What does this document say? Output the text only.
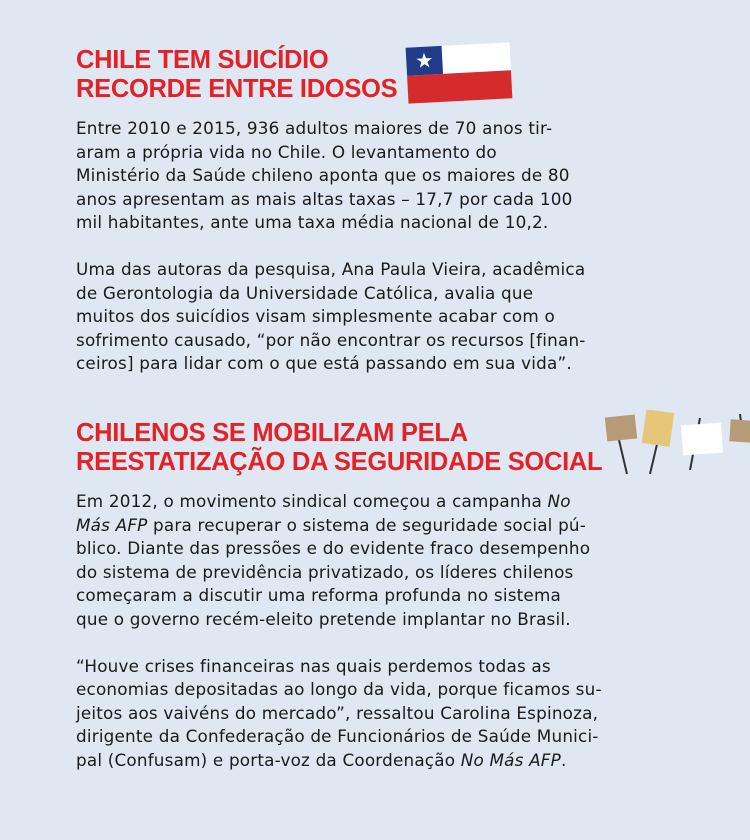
CHILE TEM SUICÍDIO
RECORDE ENTRE IDOSOS

Entre 2010 e 2015, 936 adultos maiores de 70 anos tir-
aram a própria vida no Chile. O levantamento do
Ministério da Saúde chileno aponta que os maiores de 80
anos apresentam as mais altas taxas – 17,7 por cada 100
mil habitantes, ante uma taxa média nacional de 10,2.

Uma das autoras da pesquisa, Ana Paula Vieira, acadêmica
de Gerontologia da Universidade Católica, avalia que
muitos dos suicídios visam simplesmente acabar com o
sofrimento causado, “por não encontrar os recursos [finan-
ceiros] para lidar com o que está passando em sua vida”.

CHILENOS SE MOBILIZAM PELA
REESTATIZAÇÃO DA SEGURIDADE SOCIAL

Em 2012, o movimento sindical começou a campanha No
Más AFP para recuperar o sistema de seguridade social pú-
blico. Diante das pressões e do evidente fraco desempenho
do sistema de previdência privatizado, os líderes chilenos
começaram a discutir uma reforma profunda no sistema
que o governo recém-eleito pretende implantar no Brasil.

“Houve crises financeiras nas quais perdemos todas as
economias depositadas ao longo da vida, porque ficamos su-
jeitos aos vaivéns do mercado”, ressaltou Carolina Espinoza,
dirigente da Confederação de Funcionários de Saúde Munici-
pal (Confusam) e porta-voz da Coordenação No Más AFP.
